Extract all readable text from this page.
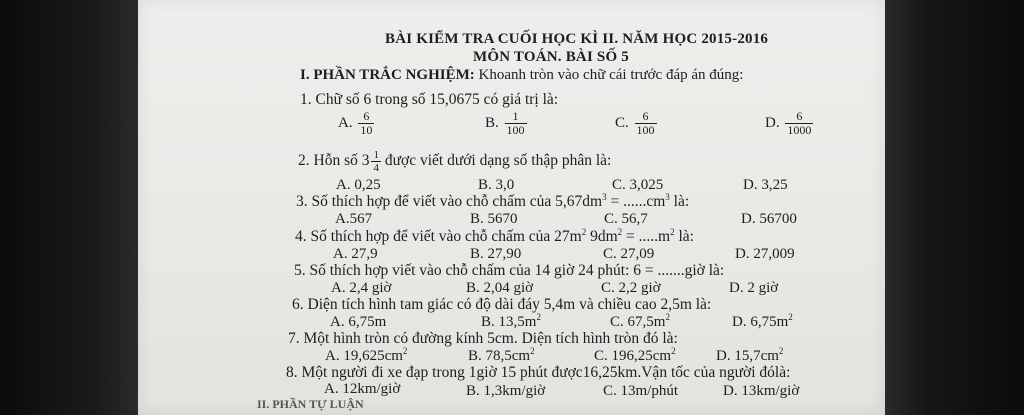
BÀI KIỂM TRA CUỐI HỌC KÌ II. NĂM HỌC 2015-2016
MÔN TOÁN. BÀI SỐ 5
I. PHẦN TRẮC NGHIỆM: Khoanh tròn vào chữ cái trước đáp án đúng:
1. Chữ số 6 trong số 15,0675 có giá trị là:
A. $\frac{6}{10}$	B. $\frac{1}{100}$	C. $\frac{6}{100}$	D. $\frac{6}{1000}$
2. Hỗn số $3 \frac{1}{4}$ được viết dưới dạng số thập phân là:
A. 0,25	B. 3,0	C. 3,025	D. 3,25
3. Số thích hợp để viết vào chỗ chấm của $5,67dm^3 = ......cm^3$ là:
A.567	B. 5670	C. 56,7	D. 56700
4. Số thích hợp để viết vào chỗ chấm của $27m^2$ $9dm^2 = .....m^2$ là:
A. 27,9	B. 27,90	C. 27,09	D. 27,009
5. Số thích hợp viết vào chỗ chấm của 14 giờ 24 phút: 6 = .......giờ là:
A. 2,4 giờ	B. 2,04 giờ	C. 2,2 giờ	D. 2 giờ
6. Diện tích hình tam giác có độ dài đáy 5,4m và chiều cao 2,5m là:
A. 6,75m	B. $13,5m^2$	C. $67,5m^2$	D. $6,75m^2$
7. Một hình tròn có đường kính 5cm. Diện tích hình tròn đó là:
A. $19,625cm^2$	B. $78,5cm^2$	C. $196,25cm^2$	D. $15,7cm^2$
8. Một người đi xe đạp trong 1giờ 15 phút được16,25km.Vận tốc của người đólà:
A. 12km/giờ	B. 1,3km/giờ	C. 13m/phút	D. 13km/giờ
II. PHẦN TỰ LUẬN
